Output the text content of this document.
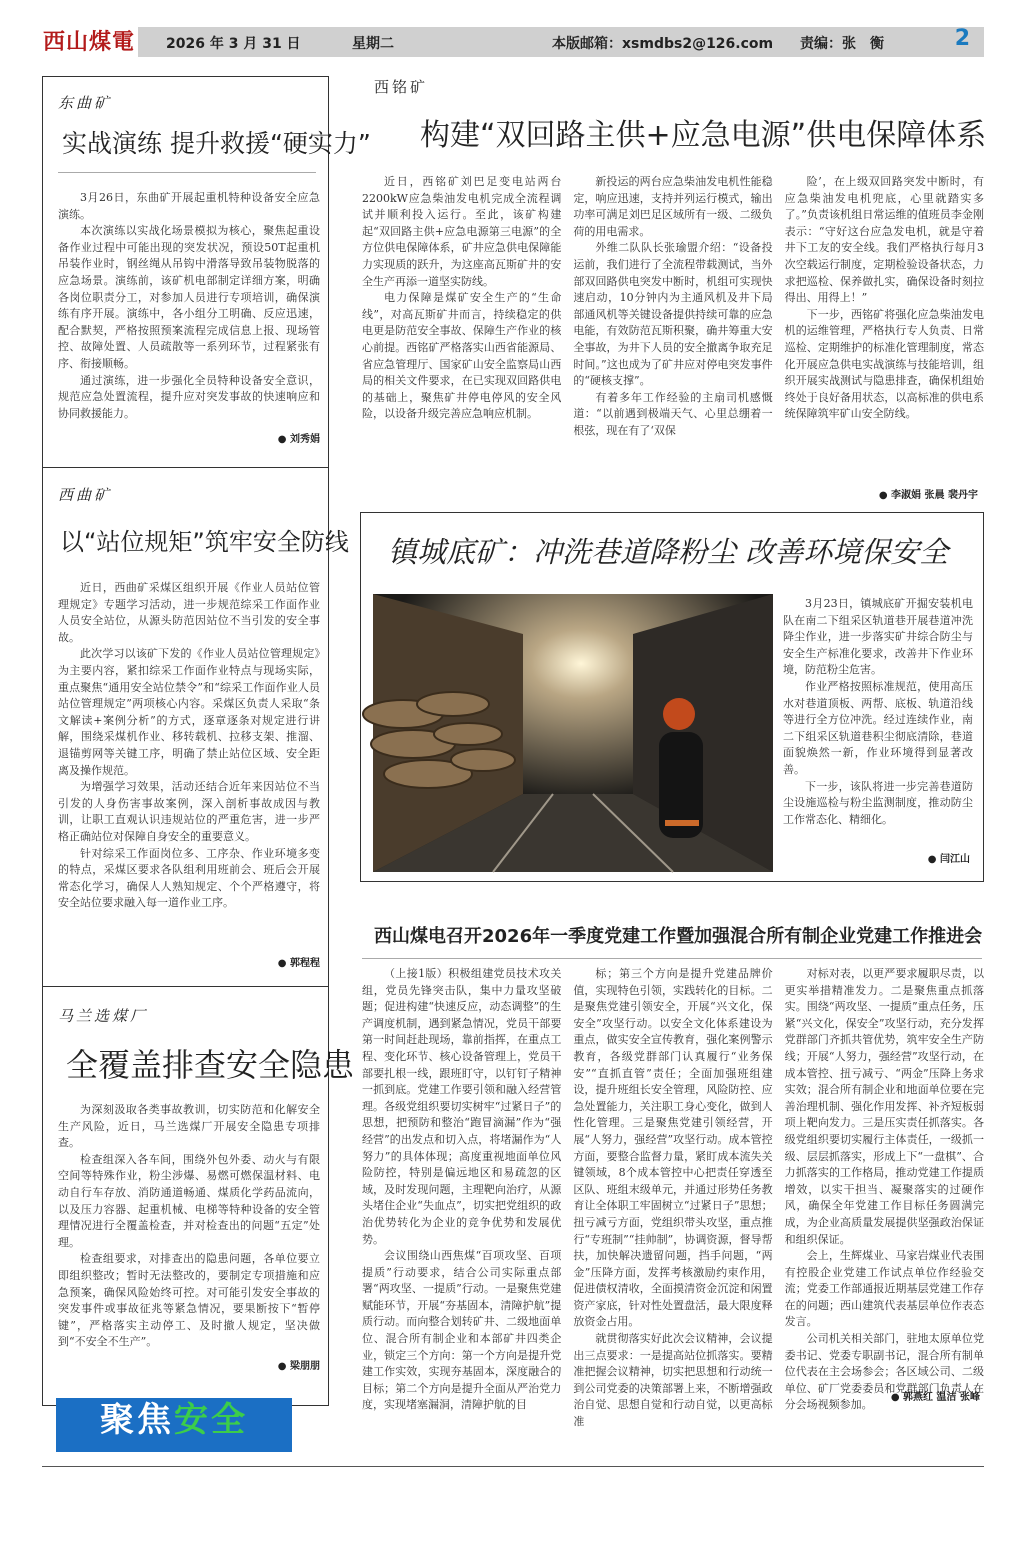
西山煤電 2026 年 3 月 31 日	星期二	本版邮箱：xsmdbs2@126.com 责编：张　衡	2
东曲矿
实战演练 提升救援“硬实力”

3月26日，东曲矿开展起重机特种设备安全应急演练。

本次演练以实战化场景模拟为核心，聚焦起重设备作业过程中可能出现的突发状况，预设50T起重机吊装作业时，钢丝绳从吊钩中滑落导致吊装物脱落的应急场景。演练前，该矿机电部制定详细方案，明确各岗位职责分工，对参加人员进行专项培训，确保演练有序开展。演练中，各小组分工明确、反应迅速，配合默契，严格按照预案流程完成信息上报、现场管控、故障处置、人员疏散等一系列环节，过程紧张有序、衔接顺畅。

通过演练，进一步强化全员特种设备安全意识，规范应急处置流程，提升应对突发事故的快速响应和协同救援能力。

● 刘秀娟
西曲矿
以“站位规矩”筑牢安全防线

近日，西曲矿采煤区组织开展《作业人员站位管理规定》专题学习活动，进一步规范综采工作面作业人员安全站位，从源头防范因站位不当引发的安全事故。

此次学习以该矿下发的《作业人员站位管理规定》为主要内容，紧扣综采工作面作业特点与现场实际，重点聚焦“通用安全站位禁令”和“综采工作面作业人员站位管理规定”两项核心内容。采煤区负责人采取“条文解读+案例分析”的方式，逐章逐条对规定进行讲解，围绕采煤机作业、移转载机、拉移支架、推溜、退锚剪网等关键工序，明确了禁止站位区域、安全距离及操作规范。

为增强学习效果，活动还结合近年来因站位不当引发的人身伤害事故案例，深入剖析事故成因与教训，让职工直观认识违规站位的严重危害，进一步严格正确站位对保障自身安全的重要意义。

针对综采工作面岗位多、工序杂、作业环境多变的特点，采煤区要求各队组利用班前会、班后会开展常态化学习，确保人人熟知规定、个个严格遵守，将安全站位要求融入每一道作业工序。

● 郭程程
马兰选煤厂
全覆盖排查安全隐患

为深刻汲取各类事故教训，切实防范和化解安全生产风险，近日，马兰选煤厂开展安全隐患专项排查。

检查组深入各车间，围绕外包外委、动火与有限空间等特殊作业，粉尘涉爆、易燃可燃保温材料、电动自行车存放、消防通道畅通、煤质化学药品流向，以及压力容器、起重机械、电梯等特种设备的安全管理情况进行全覆盖检查，并对检查出的问题“五定”处理。

检查组要求，对排查出的隐患问题，各单位要立即组织整改；暂时无法整改的，要制定专项措施和应急预案，确保风险始终可控。对可能引发安全事故的突发事件或事故征兆等紧急情况，要果断按下“暂停键”，严格落实主动停工、及时撤人规定，坚决做到“不安全不生产”。

● 梁朋朋
聚焦安全
西铭矿
构建“双回路主供+应急电源”供电保障体系

近日，西铭矿刘巴足变电站两台2200kW应急柴油发电机完成全流程调试并顺利投入运行。至此，该矿构建起“双回路主供+应急电源第三电源”的全方位供电保障体系，矿井应急供电保障能力实现质的跃升，为这座高瓦斯矿井的安全生产再添一道坚实防线。

电力保障是煤矿安全生产的“生命线”，对高瓦斯矿井而言，持续稳定的供电更是防范安全事故、保障生产作业的核心前提。西铭矿严格落实山西省能源局、省应急管理厅、国家矿山安全监察局山西局的相关文件要求，在已实现双回路供电的基础上，聚焦矿井停电停风的安全风险，以设备升级完善应急响应机制。

新投运的两台应急柴油发电机性能稳定，响应迅速，支持并列运行模式，输出功率可满足刘巴足区域所有一级、二级负荷的用电需求。

外维二队队长张瑜盟介绍：“设备投运前，我们进行了全流程带载测试，当外部双回路供电突发中断时，机组可实现快速启动，10分钟内为主通风机及井下局部通风机等关键设备提供持续可靠的应急电能，有效防范瓦斯积聚，确井筹重大安全事故，为井下人员的安全撤离争取充足时间。”这也成为了矿井应对停电突发事件的“硬核支撑”。

有着多年工作经验的主扇司机感慨道：“以前遇到极端天气、心里总绷着一根弦，现在有了‘双保

险’，在上级双回路突发中断时，有应急柴油发电机兜底，心里就踏实多了。”负责该机组日常运维的值班员李金刚表示：“守好这台应急发电机，就是守着井下工友的安全线。我们严格执行每月3次空载运行制度，定期检验设备状态，力求把巡检、保养做扎实，确保设备时刻拉得出、用得上！”

下一步，西铭矿将强化应急柴油发电机的运维管理，严格执行专人负责、日常巡检、定期维护的标准化管理制度，常态化开展应急供电实战演练与技能培训，组织开展实战测试与隐患排查，确保机组始终处于良好备用状态，以高标准的供电系统保障筑牢矿山安全防线。

● 李淑娟 张晨 裴丹宇
镇城底矿：冲洗巷道降粉尘 改善环境保安全

3月23日，镇城底矿开掘安装机电队在南二下组采区轨道巷开展巷道冲洗降尘作业，进一步落实矿井综合防尘与安全生产标准化要求，改善井下作业环境，防范粉尘危害。

作业严格按照标准规范，使用高压水对巷道顶板、两帮、底板、轨道沿线等进行全方位冲洗。经过连续作业，南二下组采区轨道巷积尘彻底清除，巷道面貌焕然一新，作业环境得到显著改善。

下一步，该队将进一步完善巷道防尘设施巡检与粉尘监测制度，推动防尘工作常态化、精细化。

● 闫江山
西山煤电召开2026年一季度党建工作暨加强混合所有制企业党建工作推进会

（上接1版）积极组建党员技术攻关组，党员先锋突击队，集中力量攻坚破题；促进构建“快速反应，动态调整”的生产调度机制，遇到紧急情况，党员干部要第一时间赶赴现场，靠前指挥，在重点工程、变化环节、核心设备管理上，党员干部要扎根一线，跟班盯守，以钉钉子精神一抓到底。党建工作要引领和融入经营管理。各级党组织要切实树牢“过紧日子”的思想，把预防和整治“跑冒滴漏”作为“强经营”的出发点和切入点，将堵漏作为“人努力”的具体体现；高度重视地面单位风险防控，特别是偏远地区和易疏忽的区域，及时发现问题，主理靶向治疗，从源头堵住企业“失血点”，切实把党组织的政治优势转化为企业的竞争优势和发展优势。

会议围绕山西焦煤“百项攻坚、百项提质”行动要求，结合公司实际重点部署“两攻坚、一提质”行动。一是聚焦党建赋能环节，开展“夯基固本，清障护航”提质行动。而向整合划转矿井、二级地面单位、混合所有制企业和本部矿井四类企业，锁定三个方向：第一个方向是提升党建工作实效，实现夯基固本，深度融合的目标；第二个方向是提升全面从严治党力度，实现堵塞漏洞，清障护航的目

标；第三个方向是提升党建品牌价值，实现特色引领，实践转化的目标。二是聚焦党建引领安全，开展“兴文化，保安全”攻坚行动。以安全文化体系建设为重点，做实安全宣传教育，强化案例警示教育，各级党群部门认真履行“业务保安”“直抓直管”责任；全面加强班组建设，提升班组长安全管理，风险防控、应急处置能力，关注职工身心变化，做到人性化管理。三是聚焦党建引领经营，开展“人努力，强经营”攻坚行动。成本管控方面，要整合监督力量，紧盯成本流失关键领域，8个成本管控中心把责任穿透至区队、班组末级单元，并通过形势任务教育让全体职工牢固树立“过紧日子”思想；扭亏减亏方面，党组织带头攻坚，重点推行“专班制”“挂帅制”，协调资源，督导帮扶，加快解决遗留问题，挡手问题，“两金”压降方面，发挥考核激励约束作用，促进债权清收，全面摸清资金沉淀和闲置资产家底，针对性处置盘活，最大限度释放资金占用。

就贯彻落实好此次会议精神，会议提出三点要求：一是提高站位抓落实。要精准把握会议精神，切实把思想和行动统一到公司党委的决策部署上来，不断增强政治自觉、思想自觉和行动自觉，以更高标准

对标对表，以更严要求履职尽责，以更实举措精准发力。二是聚焦重点抓落实。围绕“两攻坚、一提质”重点任务，压紧“兴文化，保安全”攻坚行动，充分发挥党群部门齐抓共管优势，筑牢安全生产防线；开展“人努力，强经营”攻坚行动，在成本管控、扭亏减亏、“两金”压降上务求实效；混合所有制企业和地面单位要在完善治理机制、强化作用发挥、补齐短板弱项上靶向发力。三是压实责任抓落实。各级党组织要切实履行主体责任，一级抓一级、层层抓落实，形成上下“一盘棋”、合力抓落实的工作格局，推动党建工作提质增效，以实干担当、凝聚落实的过硬作风，确保全年党建工作目标任务圆满完成，为企业高质量发展提供坚强政治保证和组织保证。

会上，生辉煤业、马家岩煤业代表围有控股企业党建工作试点单位作经验交流；党委工作部通报近期基层党建工作存在的问题；西山建筑代表基层单位作表态发言。

公司机关相关部门，驻地太原单位党委书记、党委专职副书记，混合所有制单位代表在主会场参会；各区域公司、二级单位、矿厂党委委员和党群部门负责人在分会场视频参加。

● 郭燕红 温洁 张峰
